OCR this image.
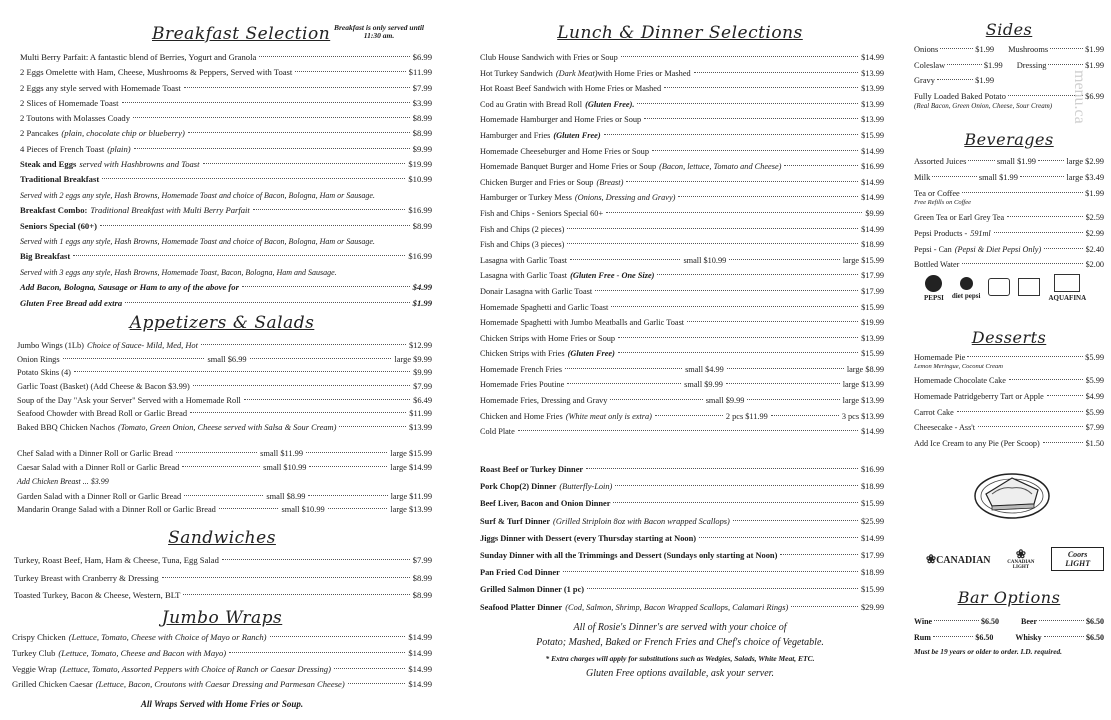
Breakfast Selection Breakfast is only served until 11:30 am.
Multi Berry Parfait: A fantastic blend of Berries, Yogurt and Granola	$6.99
2 Eggs Omelette with Ham, Cheese, Mushrooms & Peppers, Served with Toast	$11.99
2 Eggs any style served with Homemade Toast	$7.99
2 Slices of Homemade Toast	$3.99
2 Toutons with Molasses Coady	$8.99
2 Pancakes (plain, chocolate chip or blueberry)	$8.99
4 Pieces of French Toast (plain)	$9.99
Steak and Eggs served with Hashbrowns and Toast	$19.99
Traditional Breakfast	$10.99
Served with 2 eggs any style, Hash Browns, Homemade Toast and choice of Bacon, Bologna, Ham or Sausage.
Breakfast Combo: Traditional Breakfast with Multi Berry Parfait	$16.99
Seniors Special (60+)	$8.99
Served with 1 eggs any style, Hash Browns, Homemade Toast and choice of Bacon, Bologna, Ham or Sausage.
Big Breakfast	$16.99
Served with 3 eggs any style, Hash Browns, Homemade Toast, Bacon, Bologna, Ham and Sausage.
Add Bacon, Bologna, Sausage or Ham to any of the above for	$4.99
Gluten Free Bread add extra	$1.99
Appetizers & Salads
Jumbo Wings (1Lb) Choice of Sauce- Mild, Med, Hot	$12.99
Onion Rings	small $6.99	large $9.99
Potato Skins (4)	$9.99
Garlic Toast (Basket) (Add Cheese & Bacon $3.99)	$7.99
Soup of the Day "Ask your Server" Served with a Homemade Roll	$6.49
Seafood Chowder with Bread Roll or Garlic Bread	$11.99
Baked BBQ Chicken Nachos (Tomato, Green Onion, Cheese served with Salsa & Sour Cream)	$13.99
Chef Salad with a Dinner Roll or Garlic Bread	small $11.99	large $15.99
Caesar Salad with a Dinner Roll or Garlic Bread	small $10.99	large $14.99
Add Chicken Breast ... $3.99
Garden Salad with a Dinner Roll or Garlic Bread	small $8.99	large $11.99
Mandarin Orange Salad with a Dinner Roll or Garlic Bread	small $10.99	large $13.99
Sandwiches
Turkey, Roast Beef, Ham, Ham & Cheese, Tuna, Egg Salad	$7.99
Turkey Breast with Cranberry & Dressing	$8.99
Toasted Turkey, Bacon & Cheese, Western, BLT	$8.99
Jumbo Wraps
Crispy Chicken (Lettuce, Tomato, Cheese with Choice of Mayo or Ranch)	$14.99
Turkey Club (Lettuce, Tomato, Cheese and Bacon with Mayo)	$14.99
Veggie Wrap (Lettuce, Tomato, Assorted Peppers with Choice of Ranch or Caesar Dressing)	$14.99
Grilled Chicken Caesar (Lettuce, Bacon, Croutons with Caesar Dressing and Parmesan Cheese)	$14.99
All Wraps Served with Home Fries or Soup.
Lunch & Dinner Selections
Club House Sandwich with Fries or Soup	$14.99
Hot Turkey Sandwich (Dark Meat) with Home Fries or Mashed	$13.99
Hot Roast Beef Sandwich with Home Fries or Mashed	$13.99
Cod au Gratin with Bread Roll (Gluten Free).	$13.99
Homemade Hamburger and Home Fries or Soup	$13.99
Hamburger and Fries (Gluten Free)	$15.99
Homemade Cheeseburger and Home Fries or Soup	$14.99
Homemade Banquet Burger and Home Fries or Soup (Bacon, lettuce, Tomato and Cheese)	$16.99
Chicken Burger and Fries or Soup (Breast)	$14.99
Hamburger or Turkey Mess (Onions, Dressing and Gravy)	$14.99
Fish and Chips - Seniors Special 60+	$9.99
Fish and Chips (2 pieces)	$14.99
Fish and Chips (3 pieces)	$18.99
Lasagna with Garlic Toast	small $10.99	large $15.99
Lasagna with Garlic Toast (Gluten Free - One Size)	$17.99
Donair Lasagna with Garlic Toast	$17.99
Homemade Spaghetti and Garlic Toast	$15.99
Homemade Spaghetti with Jumbo Meatballs and Garlic Toast	$19.99
Chicken Strips with Home Fries or Soup	$13.99
Chicken Strips with Fries (Gluten Free)	$15.99
Homemade French Fries	small $4.99	large $8.99
Homemade Fries Poutine	small $9.99	large $13.99
Homemade Fries, Dressing and Gravy	small $9.99	large $13.99
Chicken and Home Fries (White meat only is extra)	2 pcs $11.99	3 pcs $13.99
Cold Plate	$14.99
Roast Beef or Turkey Dinner	$16.99
Pork Chop(2) Dinner (Butterfly-Loin)	$18.99
Beef Liver, Bacon and Onion Dinner	$15.99
Surf & Turf Dinner (Grilled Striploin 8oz with Bacon wrapped Scallops)	$25.99
Jiggs Dinner with Dessert (every Thursday starting at Noon)	$14.99
Sunday Dinner with all the Trimmings and Dessert (Sundays only starting at Noon)	$17.99
Pan Fried Cod Dinner	$18.99
Grilled Salmon Dinner (1 pc)	$15.99
Seafood Platter Dinner (Cod, Salmon, Shrimp, Bacon Wrapped Scallops, Calamari Rings)	$29.99
All of Rosie's Dinner's are served with your choice of
Potato; Mashed, Baked or French Fries and Chef's choice of Vegetable.
* Extra charges will apply for substitutions such as Wedgies, Salads, White Meat, ETC.
Gluten Free options available, ask your server.
Sides
Onions	$1.99 Mushrooms	$1.99
Coleslaw	$1.99 Dressing	$1.99
Gravy	$1.99
Fully Loaded Baked Potato	$6.99
(Real Bacon, Green Onion, Cheese, Sour Cream)
Beverages
Assorted Juices	small $1.99	large $2.99
Milk	small $1.99	large $3.49
Tea or Coffee	$1.99
Free Refills on Coffee
Green Tea or Earl Grey Tea	$2.59
Pepsi Products - 591ml	$2.99
Pepsi - Can (Pepsi & Diet Pepsi Only)	$2.40
Bottled Water	$2.00
PEPSI diet pepsi	AQUAFINA
Desserts
Homemade Pie	$5.99
Lemon Meringue, Coconut Cream
Homemade Chocolate Cake	$5.99
Homemade Patridgeberry Tart or Apple	$4.99
Carrot Cake	$5.99
Cheesecake - Ass't	$7.99
Add Ice Cream to any Pie (Per Scoop)	$1.50
❀CANADIAN	❀
CANADIAN LIGHT
Coors LIGHT
Bar Options
Wine	$6.50	Beer	$6.50
Rum	$6.50	Whisky	$6.50
Must be 19 years or older to order. I.D. required.
menu.ca
